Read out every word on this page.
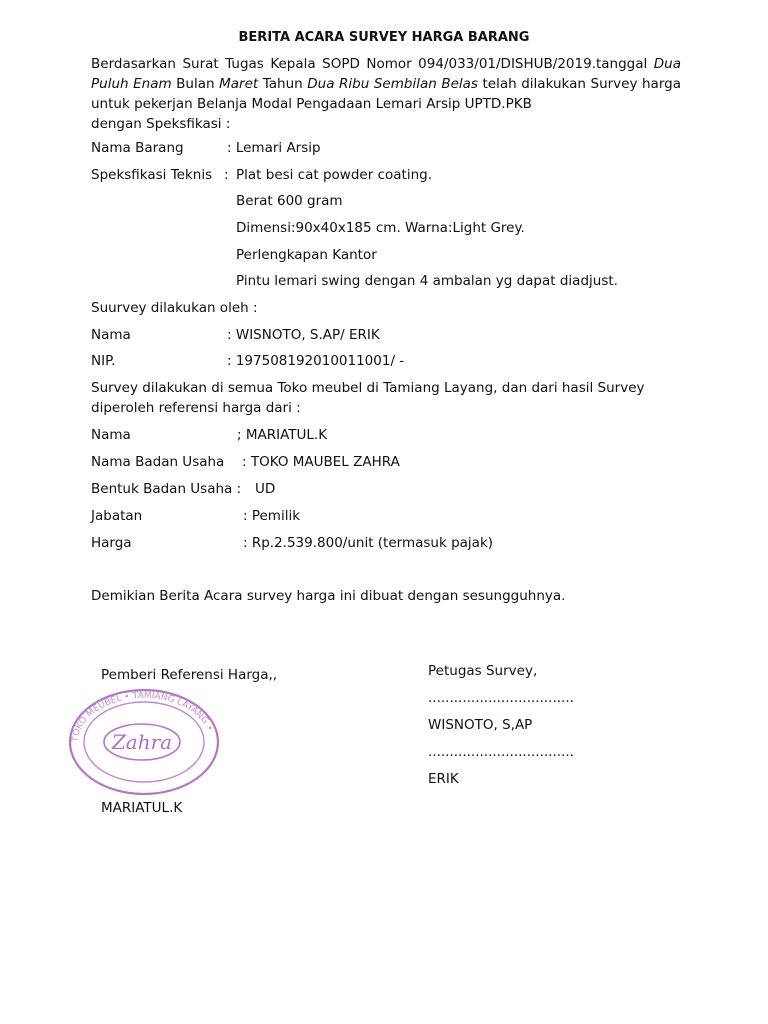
BERITA ACARA SURVEY HARGA BARANG
Berdasarkan Surat Tugas Kepala SOPD Nomor 094/033/01/DISHUB/2019.tanggal Dua Puluh Enam Bulan Maret Tahun Dua Ribu Sembilan Belas telah dilakukan Survey harga untuk pekerjan Belanja Modal Pengadaan Lemari Arsip UPTD.PKB
dengan Speksfikasi :
Nama Barang	: Lemari Arsip
Speksfikasi Teknis : Plat besi cat powder coating.
Berat 600 gram
Dimensi:90x40x185 cm. Warna:Light Grey.
Perlengkapan Kantor
Pintu lemari swing dengan 4 ambalan yg dapat diadjust.
Suurvey dilakukan oleh :
Nama	: WISNOTO, S.AP/ ERIK
NIP.	: 197508192010011001/ -
Survey dilakukan di semua Toko meubel di Tamiang Layang, dan dari hasil Survey
diperoleh referensi harga dari :
Nama	; MARIATUL.K
Nama Badan Usaha : TOKO MAUBEL ZAHRA
Bentuk Badan Usaha : UD
Jabatan	: Pemilik
Harga	: Rp.2.539.800/unit (termasuk pajak)
Demikian Berita Acara survey harga ini dibuat dengan sesungguhnya.
Pemberi Referensi Harga,,
TOKO MEUBEL • TAMIANG LAYANG •
Zahra
MARIATUL.K
Petugas Survey,
..................................
WISNOTO, S,AP
..................................
ERIK
